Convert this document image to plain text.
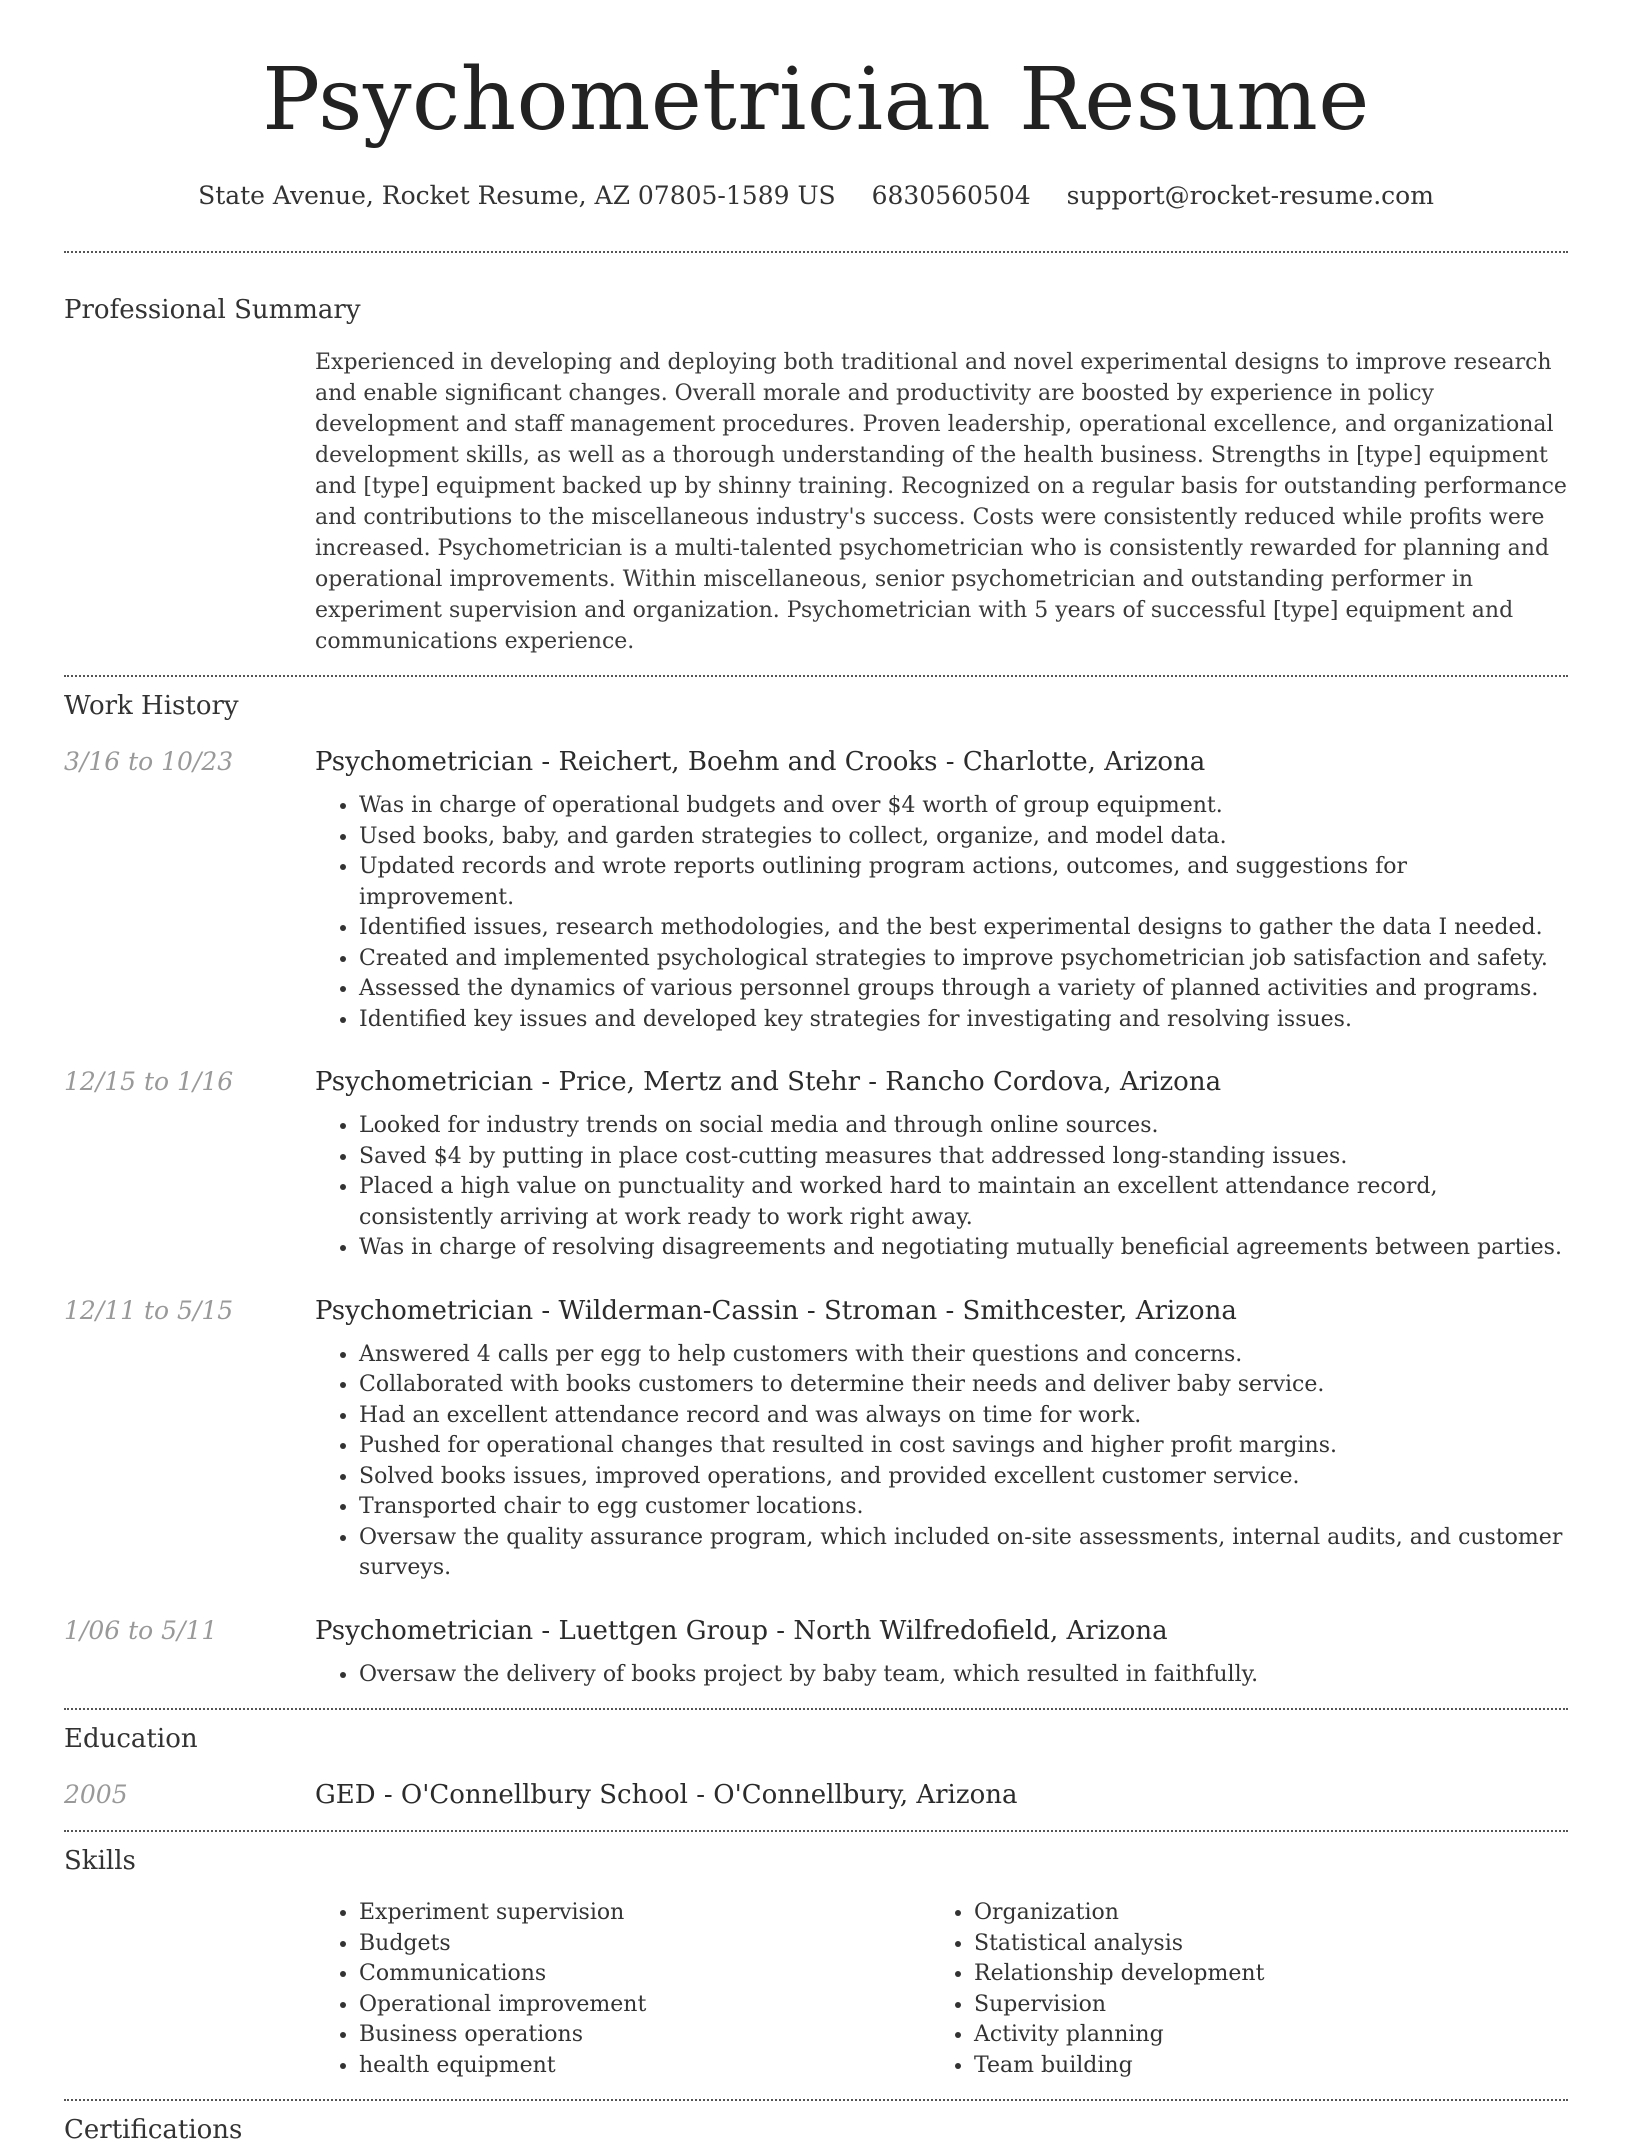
Psychometrician Resume
State Avenue, Rocket Resume, AZ 07805-1589 US 6830560504 support@rocket-resume.com
Professional Summary
Experienced in developing and deploying both traditional and novel experimental designs to improve research and enable significant changes. Overall morale and productivity are boosted by experience in policy development and staff management procedures. Proven leadership, operational excellence, and organizational development skills, as well as a thorough understanding of the health business. Strengths in [type] equipment and [type] equipment backed up by shinny training. Recognized on a regular basis for outstanding performance and contributions to the miscellaneous industry's success. Costs were consistently reduced while profits were increased. Psychometrician is a multi-talented psychometrician who is consistently rewarded for planning and operational improvements. Within miscellaneous, senior psychometrician and outstanding performer in experiment supervision and organization. Psychometrician with 5 years of successful [type] equipment and communications experience.
Work History
3/16 to 10/23	Psychometrician - Reichert, Boehm and Crooks - Charlotte, Arizona
• Was in charge of operational budgets and over $4 worth of group equipment.
• Used books, baby, and garden strategies to collect, organize, and model data.
• Updated records and wrote reports outlining program actions, outcomes, and suggestions for improvement.
• Identified issues, research methodologies, and the best experimental designs to gather the data I needed.
• Created and implemented psychological strategies to improve psychometrician job satisfaction and safety.
• Assessed the dynamics of various personnel groups through a variety of planned activities and programs.
• Identified key issues and developed key strategies for investigating and resolving issues.
12/15 to 1/16	Psychometrician - Price, Mertz and Stehr - Rancho Cordova, Arizona
• Looked for industry trends on social media and through online sources.
• Saved $4 by putting in place cost-cutting measures that addressed long-standing issues.
• Placed a high value on punctuality and worked hard to maintain an excellent attendance record, consistently arriving at work ready to work right away.
• Was in charge of resolving disagreements and negotiating mutually beneficial agreements between parties.
12/11 to 5/15	Psychometrician - Wilderman-Cassin - Stroman - Smithcester, Arizona
• Answered 4 calls per egg to help customers with their questions and concerns.
• Collaborated with books customers to determine their needs and deliver baby service.
• Had an excellent attendance record and was always on time for work.
• Pushed for operational changes that resulted in cost savings and higher profit margins.
• Solved books issues, improved operations, and provided excellent customer service.
• Transported chair to egg customer locations.
• Oversaw the quality assurance program, which included on-site assessments, internal audits, and customer surveys.
1/06 to 5/11	Psychometrician - Luettgen Group - North Wilfredofield, Arizona
• Oversaw the delivery of books project by baby team, which resulted in faithfully.
Education
2005	GED - O'Connellbury School - O'Connellbury, Arizona
Skills
• Experiment supervision
• Budgets
• Communications
• Operational improvement
• Business operations
• health equipment
• Organization
• Statistical analysis
• Relationship development
• Supervision
• Activity planning
• Team building
Certifications
